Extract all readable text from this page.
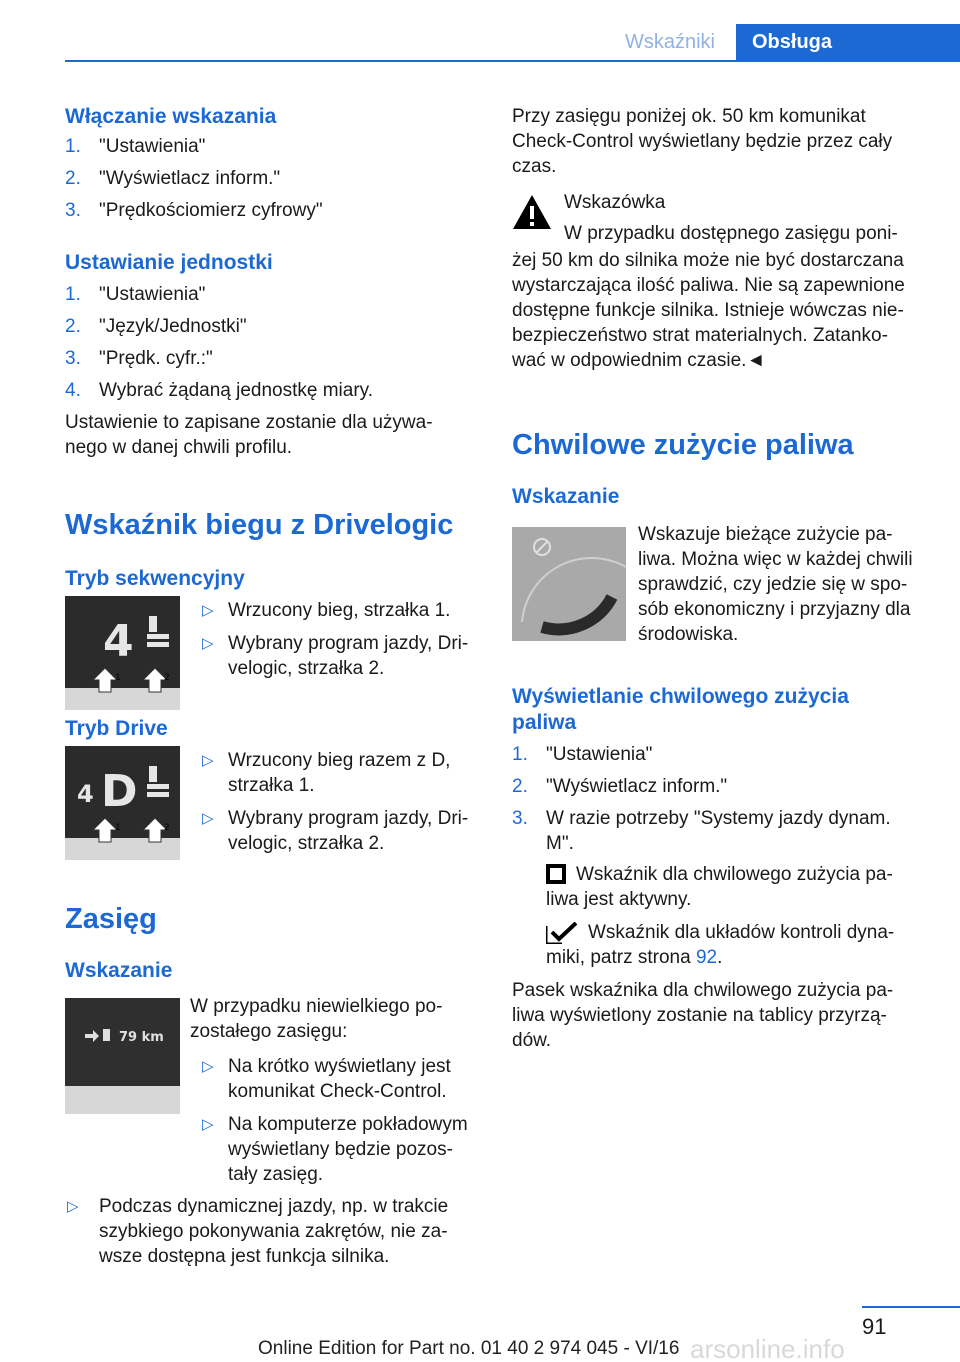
Wskaźniki	Obsługa
Włączanie wskazania
1. "Ustawienia"
2. "Wyświetlacz inform."
3. "Prędkościomierz cyfrowy"
Ustawianie jednostki
1. "Ustawienia"
2. "Język/Jednostki"
3. "Prędk. cyfr.:"
4. Wybrać żądaną jednostkę miary.
Ustawienie to zapisane zostanie dla używa‐
nego w danej chwili profilu.
Wskaźnik biegu z Drivelogic
Tryb sekwencyjny
4
1	2
▷ Wrzucony bieg, strzałka 1.
▷ Wybrany program jazdy, Dri‐
velogic, strzałka 2.
Tryb Drive
4 D
1	2
▷ Wrzucony bieg razem z D,
strzałka 1.
▷ Wybrany program jazdy, Dri‐
velogic, strzałka 2.
Zasięg
Wskazanie
79 km
W przypadku niewielkiego po‐
zostałego zasięgu:
▷ Na krótko wyświetlany jest
komunikat Check-Control.
▷ Na komputerze pokładowym
wyświetlany będzie pozos‐
tały zasięg.
▷ Podczas dynamicznej jazdy, np. w trakcie
szybkiego pokonywania zakrętów, nie za‐
wsze dostępna jest funkcja silnika.
Przy zasięgu poniżej ok. 50 km komunikat
Check-Control wyświetlany będzie przez cały
czas.
Wskazówka
W przypadku dostępnego zasięgu poni‐
żej 50 km do silnika może nie być dostarczana
wystarczająca ilość paliwa. Nie są zapewnione
dostępne funkcje silnika. Istnieje wówczas nie‐
bezpieczeństwo strat materialnych. Zatanko‐
wać w odpowiednim czasie.◄
Chwilowe zużycie paliwa
Wskazanie
Wskazuje bieżące zużycie pa‐
liwa. Można więc w każdej chwili
sprawdzić, czy jedzie się w spo‐
sób ekonomiczny i przyjazny dla
środowiska.
Wyświetlanie chwilowego zużycia
paliwa
1. "Ustawienia"
2. "Wyświetlacz inform."
3. W razie potrzeby "Systemy jazdy dynam.
M".
Wskaźnik dla chwilowego zużycia pa‐
liwa jest aktywny.
Wskaźnik dla układów kontroli dyna‐
miki, patrz strona 92.
Pasek wskaźnika dla chwilowego zużycia pa‐
liwa wyświetlony zostanie na tablicy przyrzą‐
dów.
91
arsonline.info
Online Edition for Part no. 01 40 2 974 045 - VI/16
